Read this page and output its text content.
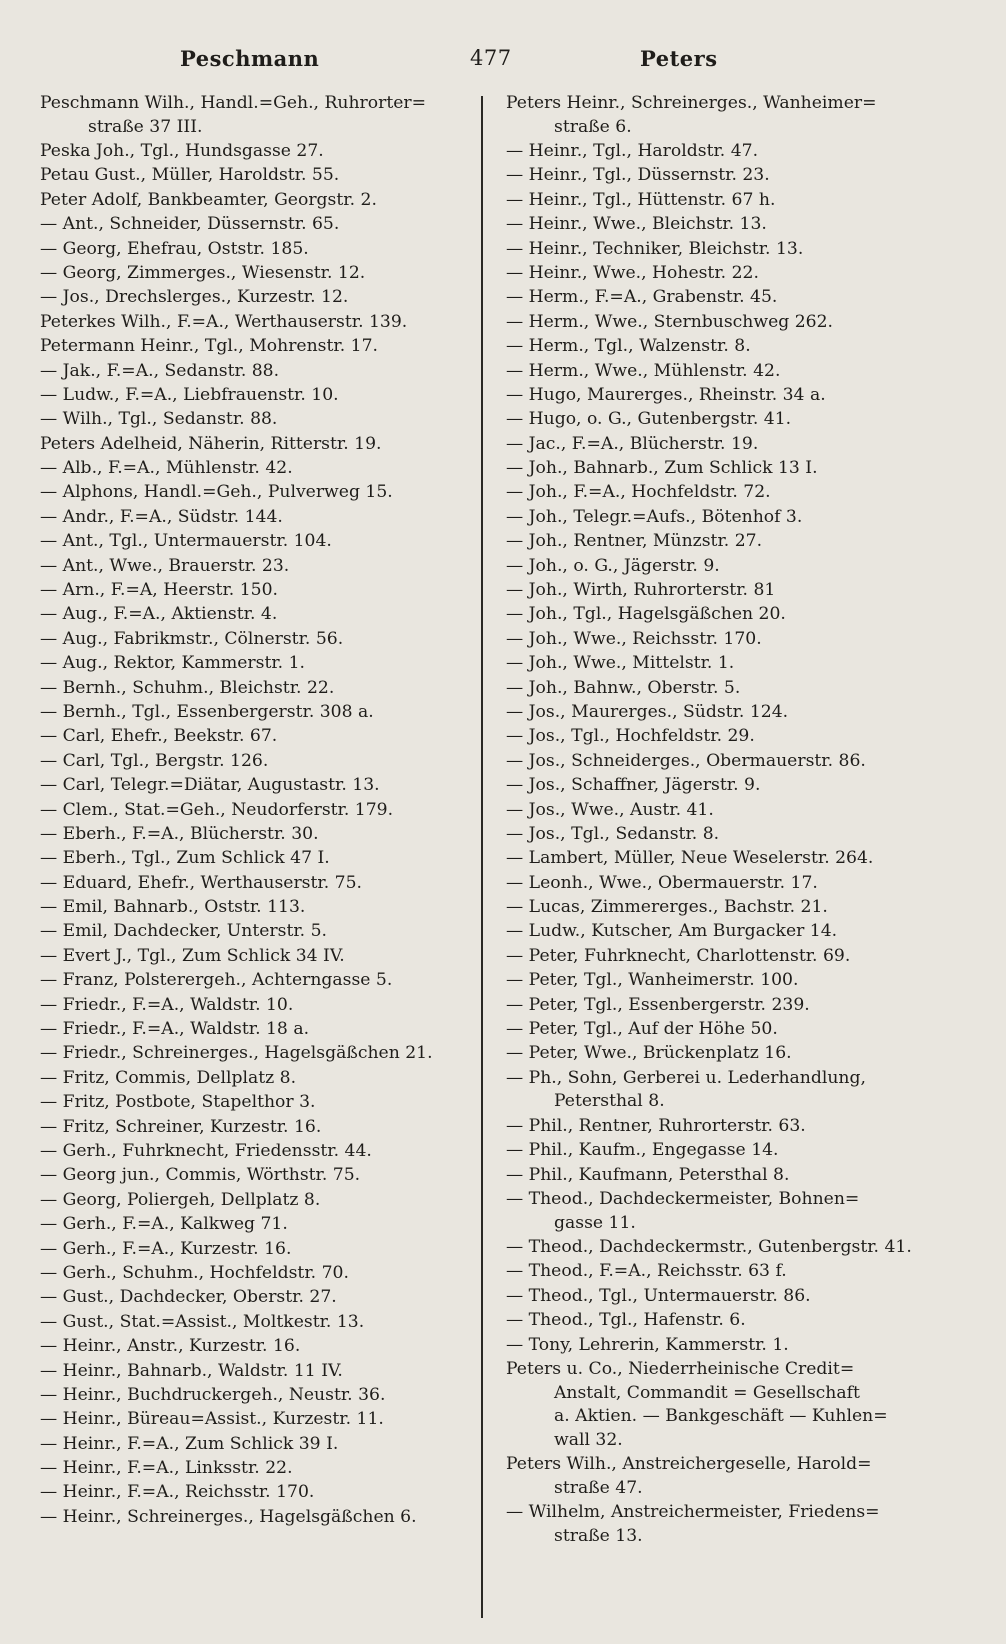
Peschmann	477	Peters
Peschmann Wilh., Handl.=Geh., Ruhrorter=
straße 37 III.
Peska Joh., Tgl., Hundsgasse 27.
Petau Gust., Müller, Haroldstr. 55.
Peter Adolf, Bankbeamter, Georgstr. 2.
— Ant., Schneider, Düssernstr. 65.
— Georg, Ehefrau, Oststr. 185.
— Georg, Zimmerges., Wiesenstr. 12.
— Jos., Drechslerges., Kurzestr. 12.
Peterkes Wilh., F.=A., Werthauserstr. 139.
Petermann Heinr., Tgl., Mohrenstr. 17.
— Jak., F.=A., Sedanstr. 88.
— Ludw., F.=A., Liebfrauenstr. 10.
— Wilh., Tgl., Sedanstr. 88.
Peters Adelheid, Näherin, Ritterstr. 19.
— Alb., F.=A., Mühlenstr. 42.
— Alphons, Handl.=Geh., Pulverweg 15.
— Andr., F.=A., Südstr. 144.
— Ant., Tgl., Untermauerstr. 104.
— Ant., Wwe., Brauerstr. 23.
— Arn., F.=A, Heerstr. 150.
— Aug., F.=A., Aktienstr. 4.
— Aug., Fabrikmstr., Cölnerstr. 56.
— Aug., Rektor, Kammerstr. 1.
— Bernh., Schuhm., Bleichstr. 22.
— Bernh., Tgl., Essenbergerstr. 308 a.
— Carl, Ehefr., Beekstr. 67.
— Carl, Tgl., Bergstr. 126.
— Carl, Telegr.=Diätar, Augustastr. 13.
— Clem., Stat.=Geh., Neudorferstr. 179.
— Eberh., F.=A., Blücherstr. 30.
— Eberh., Tgl., Zum Schlick 47 I.
— Eduard, Ehefr., Werthauserstr. 75.
— Emil, Bahnarb., Oststr. 113.
— Emil, Dachdecker, Unterstr. 5.
— Evert J., Tgl., Zum Schlick 34 IV.
— Franz, Polsterergeh., Achterngasse 5.
— Friedr., F.=A., Waldstr. 10.
— Friedr., F.=A., Waldstr. 18 a.
— Friedr., Schreinerges., Hagelsgäßchen 21.
— Fritz, Commis, Dellplatz 8.
— Fritz, Postbote, Stapelthor 3.
— Fritz, Schreiner, Kurzestr. 16.
— Gerh., Fuhrknecht, Friedensstr. 44.
— Georg jun., Commis, Wörthstr. 75.
— Georg, Poliergeh, Dellplatz 8.
— Gerh., F.=A., Kalkweg 71.
— Gerh., F.=A., Kurzestr. 16.
— Gerh., Schuhm., Hochfeldstr. 70.
— Gust., Dachdecker, Oberstr. 27.
— Gust., Stat.=Assist., Moltkestr. 13.
— Heinr., Anstr., Kurzestr. 16.
— Heinr., Bahnarb., Waldstr. 11 IV.
— Heinr., Buchdruckergeh., Neustr. 36.
— Heinr., Büreau=Assist., Kurzestr. 11.
— Heinr., F.=A., Zum Schlick 39 I.
— Heinr., F.=A., Linksstr. 22.
— Heinr., F.=A., Reichsstr. 170.
— Heinr., Schreinerges., Hagelsgäßchen 6.
Peters Heinr., Schreinerges., Wanheimer=
straße 6.
— Heinr., Tgl., Haroldstr. 47.
— Heinr., Tgl., Düssernstr. 23.
— Heinr., Tgl., Hüttenstr. 67 h.
— Heinr., Wwe., Bleichstr. 13.
— Heinr., Techniker, Bleichstr. 13.
— Heinr., Wwe., Hohestr. 22.
— Herm., F.=A., Grabenstr. 45.
— Herm., Wwe., Sternbuschweg 262.
— Herm., Tgl., Walzenstr. 8.
— Herm., Wwe., Mühlenstr. 42.
— Hugo, Maurerges., Rheinstr. 34 a.
— Hugo, o. G., Gutenbergstr. 41.
— Jac., F.=A., Blücherstr. 19.
— Joh., Bahnarb., Zum Schlick 13 I.
— Joh., F.=A., Hochfeldstr. 72.
— Joh., Telegr.=Aufs., Bötenhof 3.
— Joh., Rentner, Münzstr. 27.
— Joh., o. G., Jägerstr. 9.
— Joh., Wirth, Ruhrorterstr. 81
— Joh., Tgl., Hagelsgäßchen 20.
— Joh., Wwe., Reichsstr. 170.
— Joh., Wwe., Mittelstr. 1.
— Joh., Bahnw., Oberstr. 5.
— Jos., Maurerges., Südstr. 124.
— Jos., Tgl., Hochfeldstr. 29.
— Jos., Schneiderges., Obermauerstr. 86.
— Jos., Schaffner, Jägerstr. 9.
— Jos., Wwe., Austr. 41.
— Jos., Tgl., Sedanstr. 8.
— Lambert, Müller, Neue Weselerstr. 264.
— Leonh., Wwe., Obermauerstr. 17.
— Lucas, Zimmererges., Bachstr. 21.
— Ludw., Kutscher, Am Burgacker 14.
— Peter, Fuhrknecht, Charlottenstr. 69.
— Peter, Tgl., Wanheimerstr. 100.
— Peter, Tgl., Essenbergerstr. 239.
— Peter, Tgl., Auf der Höhe 50.
— Peter, Wwe., Brückenplatz 16.
— Ph., Sohn, Gerberei u. Lederhandlung,
Petersthal 8.
— Phil., Rentner, Ruhrorterstr. 63.
— Phil., Kaufm., Engegasse 14.
— Phil., Kaufmann, Petersthal 8.
— Theod., Dachdeckermeister, Bohnen=
gasse 11.
— Theod., Dachdeckermstr., Gutenbergstr. 41.
— Theod., F.=A., Reichsstr. 63 f.
— Theod., Tgl., Untermauerstr. 86.
— Theod., Tgl., Hafenstr. 6.
— Tony, Lehrerin, Kammerstr. 1.
Peters u. Co., Niederrheinische Credit=
Anstalt, Commandit = Gesellschaft
a. Aktien. — Bankgeschäft — Kuhlen=
wall 32.
Peters Wilh., Anstreichergeselle, Harold=
straße 47.
— Wilhelm, Anstreichermeister, Friedens=
straße 13.
